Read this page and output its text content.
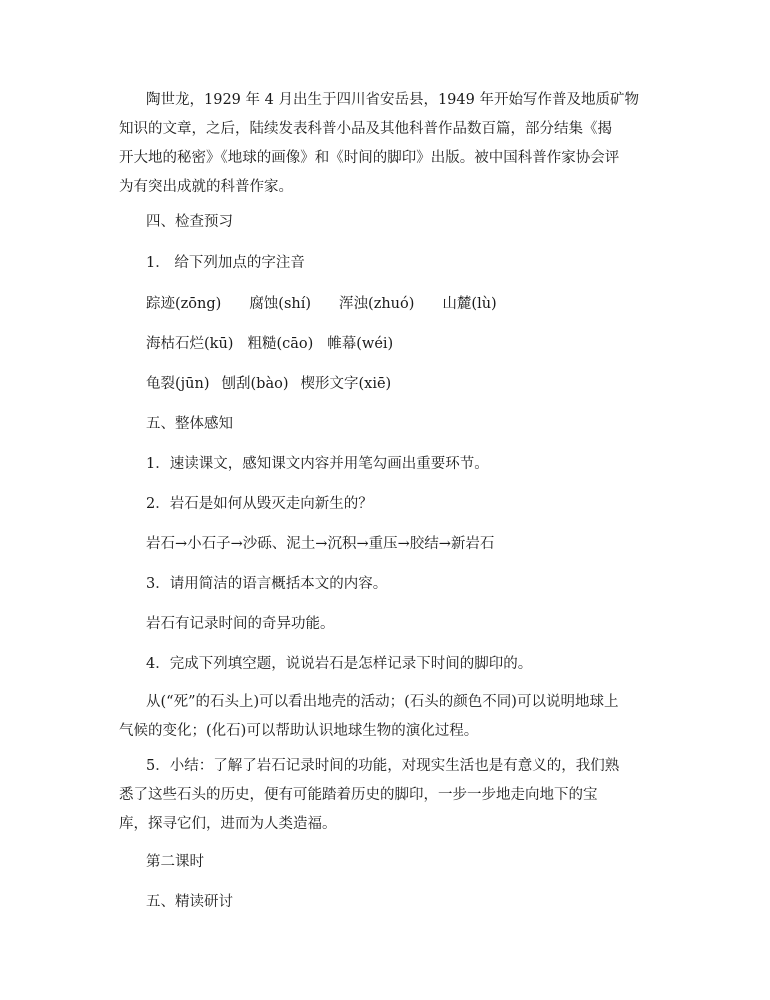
陶世龙，1929 年 4 月出生于四川省安岳县，1949 年开始写作普及地质矿物
知识的文章，之后，陆续发表科普小品及其他科普作品数百篇，部分结集《揭
开大地的秘密》《地球的画像》和《时间的脚印》出版。被中国科普作家协会评
为有突出成就的科普作家。
四、检查预习
1． 给下列加点的字注音
踪迹(zōng) 腐蚀(shí) 浑浊(zhuó) 山麓(lù)
海枯石烂(kū) 粗糙(cāo) 帷幕(wéi)
龟裂(jūn) 刨刮(bào) 楔形文字(xiē)
五、整体感知
1．速读课文，感知课文内容并用笔勾画出重要环节。
2．岩石是如何从毁灭走向新生的？
岩石→小石子→沙砾、泥土→沉积→重压→胶结→新岩石
3．请用简洁的语言概括本文的内容。
岩石有记录时间的奇异功能。
4．完成下列填空题，说说岩石是怎样记录下时间的脚印的。
从(“死”的石头上)可以看出地壳的活动；(石头的颜色不同)可以说明地球上
气候的变化；(化石)可以帮助认识地球生物的演化过程。
5．小结：了解了岩石记录时间的功能，对现实生活也是有意义的，我们熟
悉了这些石头的历史，便有可能踏着历史的脚印，一步一步地走向地下的宝
库，探寻它们，进而为人类造福。
第二课时
五、精读研讨
